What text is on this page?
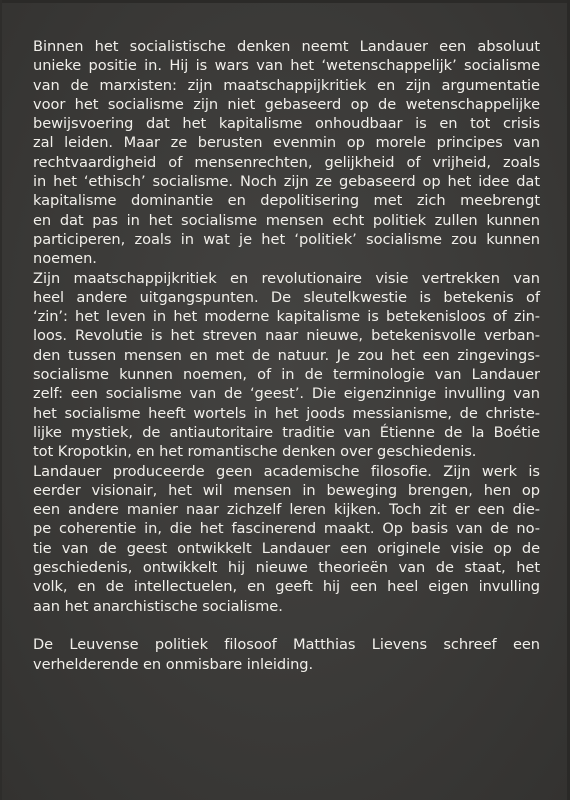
Binnen het socialistische denken neemt Landauer een absoluut
unieke positie in. Hij is wars van het ‘wetenschappelijk’ socialisme
van de marxisten: zijn maatschappijkritiek en zijn argumentatie
voor het socialisme zijn niet gebaseerd op de wetenschappelijke
bewijsvoering dat het kapitalisme onhoudbaar is en tot crisis
zal leiden. Maar ze berusten evenmin op morele principes van
rechtvaardigheid of mensenrechten, gelijkheid of vrijheid, zoals
in het ‘ethisch’ socialisme. Noch zijn ze gebaseerd op het idee dat
kapitalisme dominantie en depolitisering met zich meebrengt
en dat pas in het socialisme mensen echt politiek zullen kunnen
participeren, zoals in wat je het ‘politiek’ socialisme zou kunnen
noemen.
Zijn maatschappijkritiek en revolutionaire visie vertrekken van
heel andere uitgangspunten. De sleutelkwestie is betekenis of
‘zin’: het leven in het moderne kapitalisme is betekenisloos of zin-
loos. Revolutie is het streven naar nieuwe, betekenisvolle verban-
den tussen mensen en met de natuur. Je zou het een zingevings-
socialisme kunnen noemen, of in de terminologie van Landauer
zelf: een socialisme van de ‘geest’. Die eigenzinnige invulling van
het socialisme heeft wortels in het joods messianisme, de christe-
lijke mystiek, de antiautoritaire traditie van Étienne de la Boétie
tot Kropotkin, en het romantische denken over geschiedenis.
Landauer produceerde geen academische filosofie. Zijn werk is
eerder visionair, het wil mensen in beweging brengen, hen op
een andere manier naar zichzelf leren kijken. Toch zit er een die-
pe coherentie in, die het fascinerend maakt. Op basis van de no-
tie van de geest ontwikkelt Landauer een originele visie op de
geschiedenis, ontwikkelt hij nieuwe theorieën van de staat, het
volk, en de intellectuelen, en geeft hij een heel eigen invulling
aan het anarchistische socialisme.
De Leuvense politiek filosoof Matthias Lievens schreef een
verhelderende en onmisbare inleiding.
